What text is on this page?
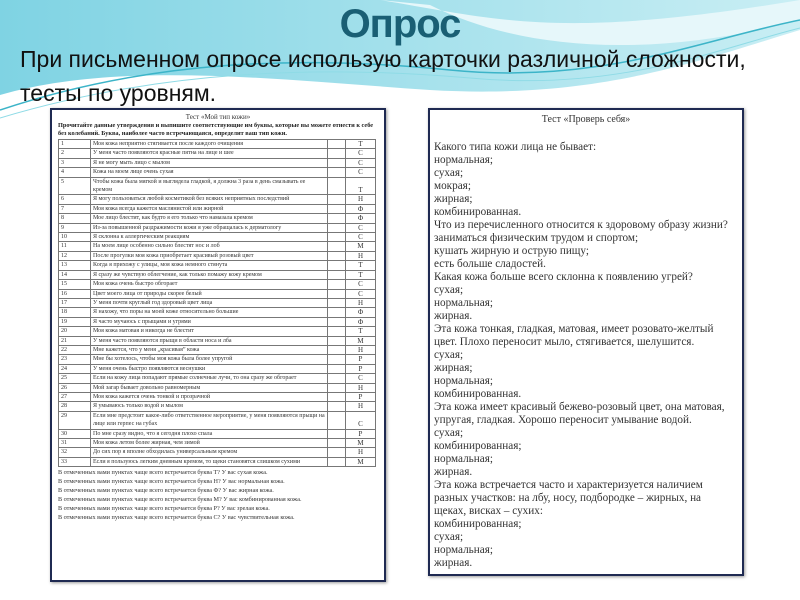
Опрос
При письменном опросе использую карточки различной сложности, тесты по уровням.
Тест «Мой тип кожи»
Прочитайте данные утверждения и выпишите соответствующие им буквы, которые вы можете отнести к себе без колебаний. Буква, наиболее часто встречающаяся, определит ваш тип кожи.
1	Моя кожа неприятно стягивается после каждого очищения		Т
2	У меня часто появляются красные пятна на лице и шее		С
3	Я не могу мыть лицо с мылом		С
4	Кожа на моем лице очень сухая		С
5	Чтобы кожа была мягкой и выглядела гладкой, я должна 3 раза в день смазывать ее кремом		Т
6	Я могу пользоваться любой косметикой без всяких неприятных последствий		Н
7	Моя кожа всегда кажется маслянистой или жирной		Ф
8	Мое лицо блестит, как будто я его только что намазала кремом		Ф
9	Из-за повышенной раздражимости кожи я уже обращалась к дерматологу		С
10	Я склонна к аллергическим реакциям		С
11	На моем лице особенно сильно блестят нос и лоб		М
12	После прогулки моя кожа приобретает красивый розовый цвет		Н
13	Когда я прихожу с улицы, моя кожа немного стянута		Т
14	Я сразу же чувствую облегчение, как только помажу кожу кремом		Т
15	Моя кожа очень быстро обгорает		С
16	Цвет моего лица от природы скорее белый		С
17	У меня почти круглый год здоровый цвет лица		Н
18	Я нахожу, что поры на моей коже относительно большие		Ф
19	Я часто мучаюсь с прыщами и угрями		Ф
20	Моя кожа матовая и никогда не блестит		Т
21	У меня часто появляются прыщи в области носа и лба		М
22	Мне кажется, что у меня „красивая” кожа		Н
23	Мне бы хотелось, чтобы моя кожа была более упругой		Р
24	У меня очень быстро появляются веснушки		Р
25	Если на кожу лица попадают прямые солнечные лучи, то она сразу же обгорает		С
26	Мой загар бывает довольно равномерным		Н
27	Моя кожа кажется очень тонкой и прозрачной		Р
28	Я умываюсь только водой и мылом		Н
29	Если мне предстоит какое-либо ответственное мероприятие, у меня появляются прыщи на лице или герпес на губах		С
30	По мне сразу видно, что я сегодня плохо спала		Р
31	Моя кожа летом более жирная, чем зимой		М
32	До сих пор я вполне обходилась универсальным кремом		Н
33	Если я пользуюсь легким дневным кремом, то щеки становятся слишком сухими		М
В отмеченных вами пунктах чаще всего встречается буква Т? У вас сухая кожа.
В отмеченных вами пунктах чаще всего встречается буква Н? У вас нормальная кожа.
В отмеченных вами пунктах чаще всего встречается буква Ф? У вас жирная кожа.
В отмеченных вами пунктах чаще всего встречается буква М? У вас комбинированная кожа.
В отмеченных вами пунктах чаще всего встречается буква Р? У вас зрелая кожа.
В отмеченных вами пунктах чаще всего встречается буква С? У вас чувствительная кожа.
Тест «Проверь себя»
Какого типа кожи лица не бывает:
нормальная;
сухая;
мокрая;
жирная;
комбинированная.
Что из перечисленного относится к здоровому образу жизни?
заниматься физическим трудом и спортом;
кушать жирную и острую пищу;
есть больше сладостей.
Какая кожа больше всего склонна к появлению угрей?
сухая;
нормальная;
жирная.
Эта кожа тонкая, гладкая, матовая, имеет розовато-желтый
цвет. Плохо переносит мыло, стягивается, шелушится.
сухая;
жирная;
нормальная;
комбинированная.
Эта кожа имеет красивый бежево-розовый цвет, она матовая,
упругая, гладкая. Хорошо переносит умывание водой.
сухая;
комбинированная;
нормальная;
жирная.
Эта кожа встречается часто и характеризуется наличием
разных участков: на лбу, носу, подбородке – жирных, на
щеках, висках – сухих:
комбинированная;
сухая;
нормальная;
жирная.
